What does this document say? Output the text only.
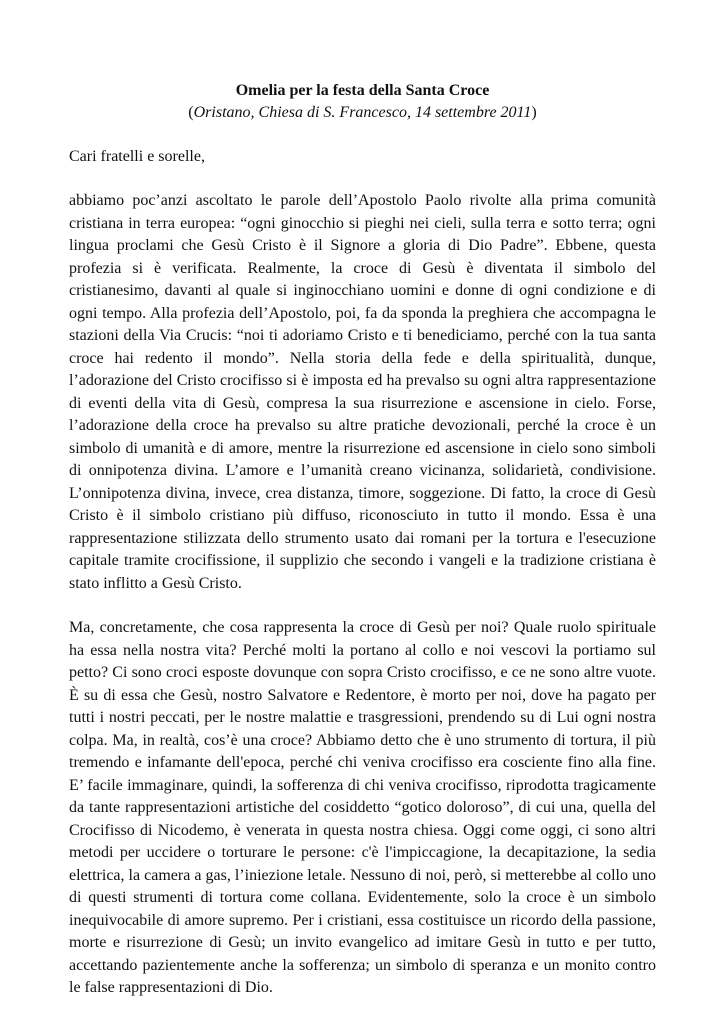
Omelia per la festa della Santa Croce

(Oristano, Chiesa di S. Francesco, 14 settembre 2011)

Cari fratelli e sorelle,

abbiamo poc’anzi ascoltato le parole dell’Apostolo Paolo rivolte alla prima comunità cristiana in terra europea: “ogni ginocchio si pieghi nei cieli, sulla terra e sotto terra; ogni lingua proclami che Gesù Cristo è il Signore a gloria di Dio Padre”. Ebbene, questa profezia si è verificata. Realmente, la croce di Gesù è diventata il simbolo del cristianesimo, davanti al quale si inginocchiano uomini e donne di ogni condizione e di ogni tempo. Alla profezia dell’Apostolo, poi, fa da sponda la preghiera che accompagna le stazioni della Via Crucis: “noi ti adoriamo Cristo e ti benediciamo, perché con la tua santa croce hai redento il mondo”. Nella storia della fede e della spiritualità, dunque, l’adorazione del Cristo crocifisso si è imposta ed ha prevalso su ogni altra rappresentazione di eventi della vita di Gesù, compresa la sua risurrezione e ascensione in cielo. Forse, l’adorazione della croce ha prevalso su altre pratiche devozionali, perché la croce è un simbolo di umanità e di amore, mentre la risurrezione ed ascensione in cielo sono simboli di onnipotenza divina. L’amore e l’umanità creano vicinanza, solidarietà, condivisione. L’onnipotenza divina, invece, crea distanza, timore, soggezione. Di fatto, la croce di Gesù Cristo è il simbolo cristiano più diffuso, riconosciuto in tutto il mondo. Essa è una rappresentazione stilizzata dello strumento usato dai romani per la tortura e l'esecuzione capitale tramite crocifissione, il supplizio che secondo i vangeli e la tradizione cristiana è stato inflitto a Gesù Cristo.

Ma, concretamente, che cosa rappresenta la croce di Gesù per noi? Quale ruolo spirituale ha essa nella nostra vita? Perché molti la portano al collo e noi vescovi la portiamo sul petto? Ci sono croci esposte dovunque con sopra Cristo crocifisso, e ce ne sono altre vuote. È su di essa che Gesù, nostro Salvatore e Redentore, è morto per noi, dove ha pagato per tutti i nostri peccati, per le nostre malattie e trasgressioni, prendendo su di Lui ogni nostra colpa. Ma, in realtà, cos’è una croce? Abbiamo detto che è uno strumento di tortura, il più tremendo e infamante dell'epoca, perché chi veniva crocifisso era cosciente fino alla fine. E’ facile immaginare, quindi, la sofferenza di chi veniva crocifisso, riprodotta tragicamente da tante rappresentazioni artistiche del cosiddetto “gotico doloroso”, di cui una, quella del Crocifisso di Nicodemo, è venerata in questa nostra chiesa. Oggi come oggi, ci sono altri metodi per uccidere o torturare le persone: c'è l'impiccagione, la decapitazione, la sedia elettrica, la camera a gas, l’iniezione letale. Nessuno di noi, però, si metterebbe al collo uno di questi strumenti di tortura come collana. Evidentemente, solo la croce è un simbolo inequivocabile di amore supremo. Per i cristiani, essa costituisce un ricordo della passione, morte e risurrezione di Gesù; un invito evangelico ad imitare Gesù in tutto e per tutto, accettando pazientemente anche la sofferenza; un simbolo di speranza e un monito contro le false rappresentazioni di Dio.
